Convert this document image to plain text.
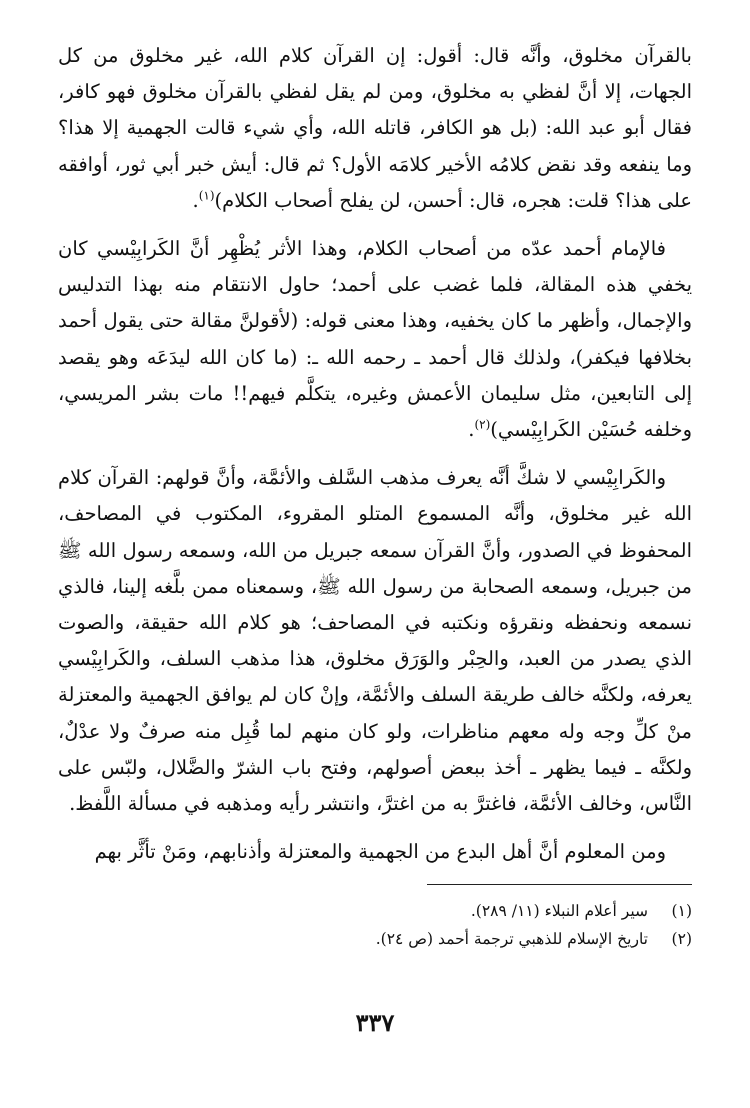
بالقرآن مخلوق، وأنَّه قال: أقول: إن القرآن كلام الله، غير مخلوق من كل الجهات، إلا أنَّ لفظي به مخلوق، ومن لم يقل لفظي بالقرآن مخلوق فهو كافر، فقال أبو عبد الله: (بل هو الكافر، قاتله الله، وأي شيء قالت الجهمية إلا هذا؟ وما ينفعه وقد نقض كلامُه الأخير كلامَه الأول؟ ثم قال: أيش خبر أبي ثور، أوافقه على هذا؟ قلت: هجره، قال: أحسن، لن يفلح أصحاب الكلام)$^{(١)}$.

فالإمام أحمد عدّه من أصحاب الكلام، وهذا الأثر يُظْهِر أنَّ الكَرابِيْسي كان يخفي هذه المقالة، فلما غضب على أحمد؛ حاول الانتقام منه بهذا التدليس والإجمال، وأظهر ما كان يخفيه، وهذا معنى قوله: (لأقولنَّ مقالة حتى يقول أحمد بخلافها فيكفر)، ولذلك قال أحمد ـ رحمه الله ـ: (ما كان الله ليدَعَه وهو يقصد إلى التابعين، مثل سليمان الأعمش وغيره، يتكلَّم فيهم!! مات بشر المريسي، وخلفه حُسَيْن الكَرابِيْسي)$^{(٢)}$.

والكَرابِيْسي لا شكَّ أنَّه يعرف مذهب السَّلف والأئمَّة، وأنَّ قولهم: القرآن كلام الله غير مخلوق، وأنَّه المسموع المتلو المقروء، المكتوب في المصاحف، المحفوظ في الصدور، وأنَّ القرآن سمعه جبريل من الله، وسمعه رسول الله ﷺ من جبريل، وسمعه الصحابة من رسول الله ﷺ، وسمعناه ممن بلَّغه إلينا، فالذي نسمعه ونحفظه ونقرؤه ونكتبه في المصاحف؛ هو كلام الله حقيقة، والصوت الذي يصدر من العبد، والحِبْر والوَرَق مخلوق، هذا مذهب السلف، والكَرابِيْسي يعرفه، ولكنَّه خالف طريقة السلف والأئمَّة، وإنْ كان لم يوافق الجهمية والمعتزلة منْ كلِّ وجه وله معهم مناظرات، ولو كان منهم لما قُبِل منه صرفٌ ولا عدْلٌ، ولكنَّه ـ فيما يظهر ـ أخذ ببعض أصولهم، وفتح باب الشرّ والضَّلال، ولبّس على النَّاس، وخالف الأئمَّة، فاغترَّ به من اغترَّ، وانتشر رأيه ومذهبه في مسألة اللَّفظ.

ومن المعلوم أنَّ أهل البدع من الجهمية والمعتزلة وأذنابهم، ومَنْ تأثَّر بهم

(١)
سير أعلام النبلاء (١١/ ٢٨٩).
(٢)
تاريخ الإسلام للذهبي ترجمة أحمد (ص ٢٤).
٣٣٧
